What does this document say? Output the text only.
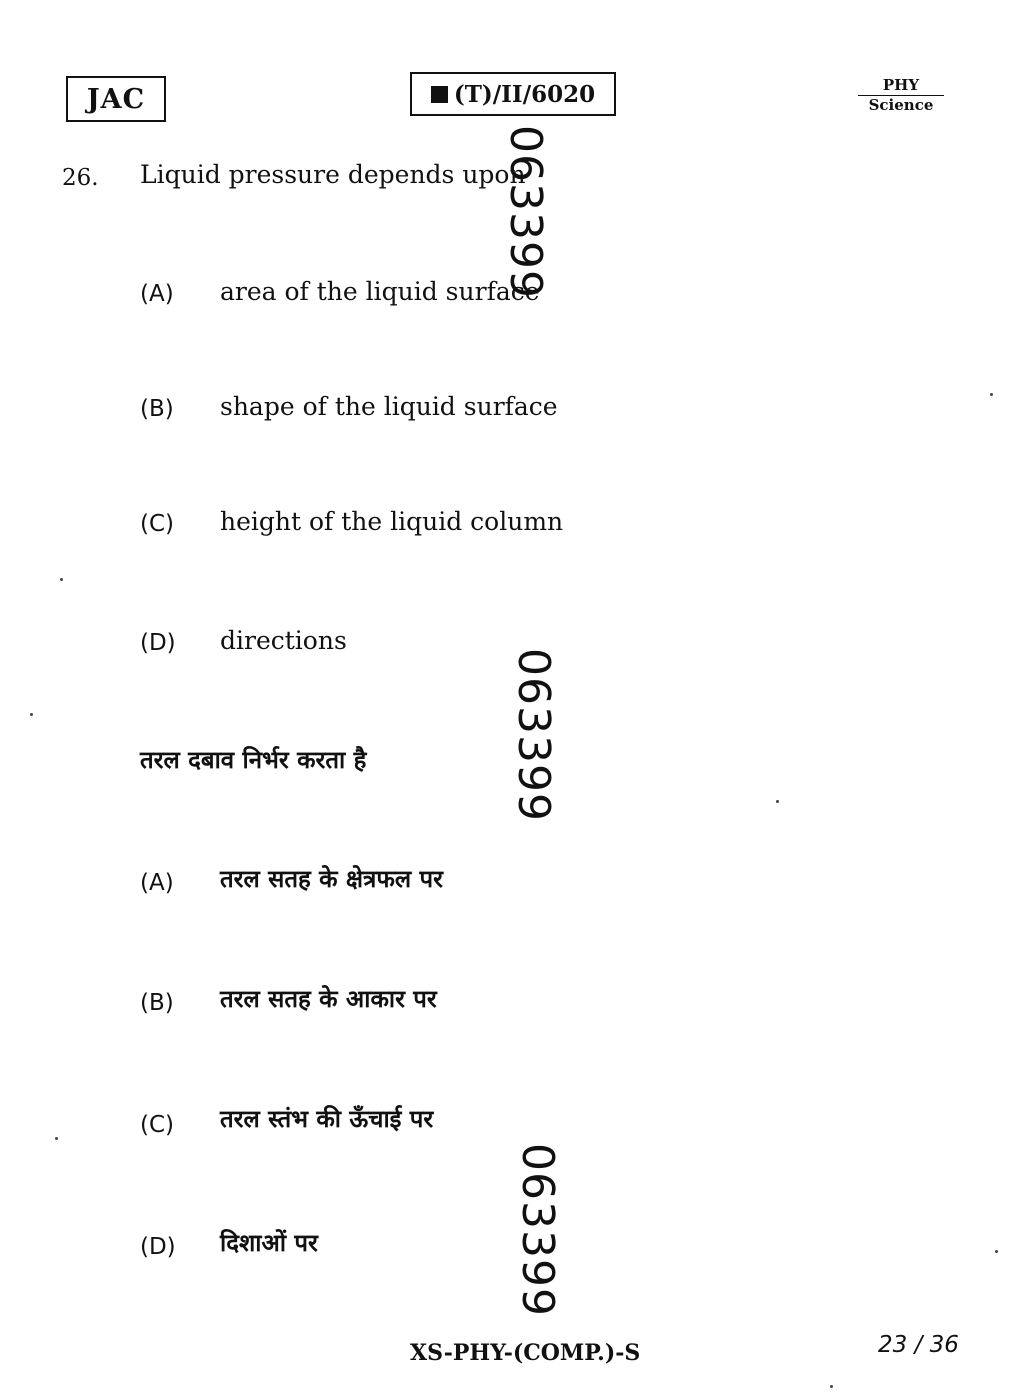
JAC	(T)/II/6020	PHY
Science
26. Liquid pressure depends upon
(A) area of the liquid surface
(B) shape of the liquid surface
(C) height of the liquid column
(D) directions
तरल दबाव निर्भर करता है
(A) तरल सतह के क्षेत्रफल पर
(B) तरल सतह के आकार पर
(C) तरल स्तंभ की ऊँचाई पर
(D) दिशाओं पर
063399
063399
063399
XS-PHY-(COMP.)-S	23 / 36
